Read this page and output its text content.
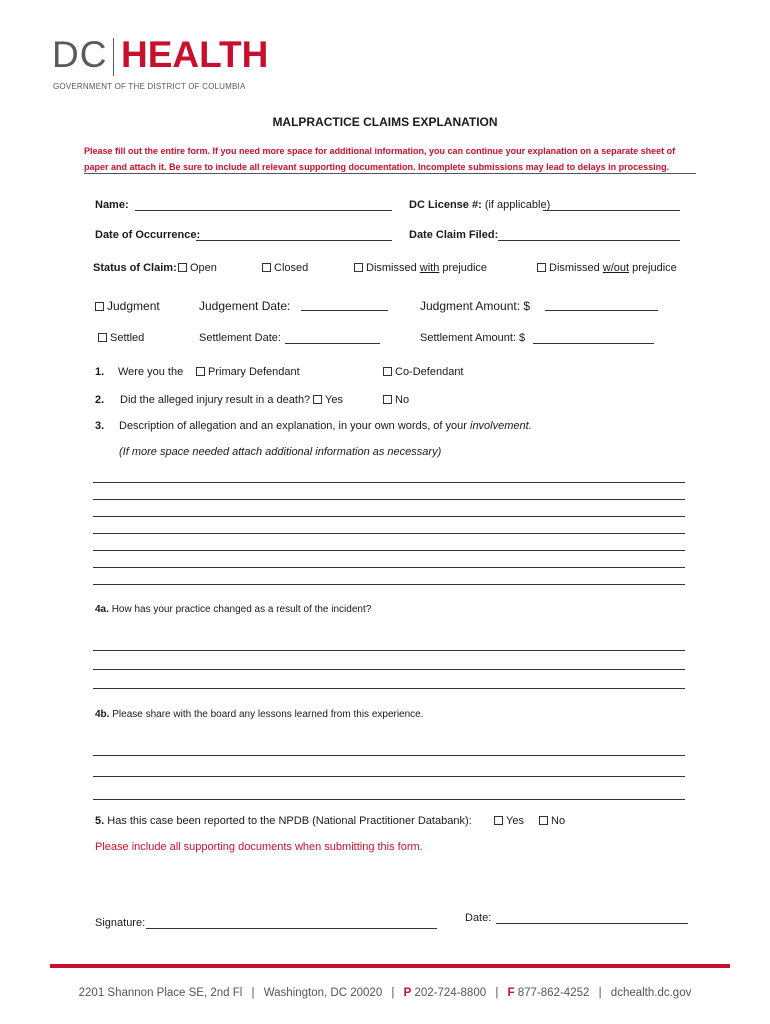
DC HEALTH
GOVERNMENT OF THE DISTRICT OF COLUMBIA
MALPRACTICE CLAIMS EXPLANATION
Please fill out the entire form. If you need more space for additional information, you can continue your explanation on a separate sheet of paper and attach it. Be sure to include all relevant supporting documentation. Incomplete submissions may lead to delays in processing.
Name:	DC License #: (if applicable)
Date of Occurrence:	Date Claim Filed:
Status of Claim:	Open	Closed	Dismissed with prejudice	Dismissed w/out prejudice
Judgment	Judgement Date:	Judgment Amount: $
Settled	Settlement Date:	Settlement Amount: $
1. Were you the	Primary Defendant	Co-Defendant
2. Did the alleged injury result in a death?	Yes	No
3. Description of allegation and an explanation, in your own words, of your involvement.
(If more space needed attach additional information as necessary)
4a. How has your practice changed as a result of the incident?
4b. Please share with the board any lessons learned from this experience.
5. Has this case been reported to the NPDB (National Practitioner Databank):	Yes	No
Please include all supporting documents when submitting this form.
Signature:	Date:
2201 Shannon Place SE, 2nd Fl | Washington, DC 20020 | P 202-724-8800 | F 877-862-4252 | dchealth.dc.gov
